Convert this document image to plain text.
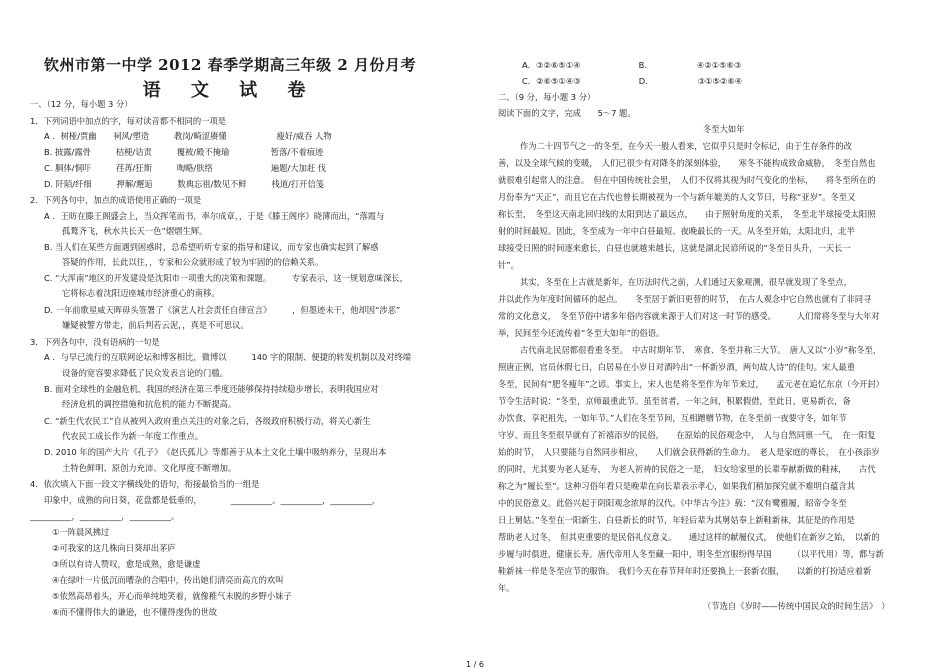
钦州市第一中学 2012 春季学期高三年级 2 月份月考
语 文 试 卷
一、（12 分，每小题 3 分）
1．下列词语中加点的字，每对读音都不相同的一项是
A ．树桠/贾幽　　祠风/塑造　　　教岗/畸涩赓懂　　　　　　瘦好/威吞 人物
B. 披露/露骨　　　桔梗/诘责　　　覆被/殿不掩瑜　　　　　暂落/不着痕迹
C. 胴体/恫吓　　　荏苒/狂斯　　　啕略/肤络　　　　　　　遍题/大加赶 伐
D. 阡陌/纤细　　　押解/邂逅　　　数典忘祖/数见不鲜　　　栈道/打开信笺
2．下列各句中，加点的成语使用正确的一项是
A ．王昉在滕王阁盛会上，当众挥笔而书，率尔成章，，于是《滕王阁序》晓薄而出，“落霞与
孤鹜齐飞，秋水共长天一色”熠熠生辉。
B. 当人们在某些方面遇到困惑时，总希望听听专家的指导和建议，而专家也确实起到了解惑
答疑的作用，长此以往，，专家和公众就形成了较为牢固的的信赖关系。
C. “大浑南”地区的开发建设是沈阳市一项重大的决策和课题。　　　专家表示，这一规划意味深长，
它将标志着沈阳迈座城市经济重心的南移。
D. 一年前歌星威天晖毋头签署了《演艺人社会责任自律宣言》　　　，但墨迹未干，他却因“涉恶”
嫌疑被警方带走，前后判若云泥，，真是不可思议。
3．下列各句中，没有语病的一句是
A ．与早已流行的互联网论坛和博客相比，微博以　　　140 字的限制、便捷的转发机制以及对终端
设备的宽容要求降低了民众发表言论的门槛。
B. 面对全球性的金融危机，我国的经济在第三季度还能够保持持续稳步增长，表明我国应对
经济危机的调控措施和抗危机的能力不断提高。
C. “新生代农民工”自从被列入政府重点关注的对象之后，各级政府积极行动，将关心新生
代农民工成长作为新一年度工作重点。
D. 2010 年的国产大片《孔子》　《赵氏孤儿》等都善于从本土文化土壤中吸纳养分，呈现出本
土特色鲜明、原创力充沛、文化厚度不断增加。
4．依次填入下面一段文字横线处的语句，衔接最恰当的一组是
印象中，成熟的向日葵，花盘都是低垂的，　　　　__________。__________，__________，
__________，__________，__________。
①一阵晨风拂过
②可我家的这几株向日葵却出茅庐
③所以有诗人赞叹，愈是成熟，愈是谦虚
④在绿叶一片低沉而嘈杂的合唱中，传出她们清亮而高亢的欢叫
⑤依然高昂着头，开心而单纯地笑着，就像稚气未脱的乡野小妹子
⑥而不懂得伟大的谦逊，也不懂得虔伪的世故
A．③②⑥⑤①④　　　　　　　B.　　　　　　④②①⑤⑥③
C．②⑥⑤①④③　　　　　　　D.　　　　　　③①⑤②⑥④
二、（9 分，每小题 3 分）
阅读下面的文字，完成　　5～7 题。
冬至大如年
作为二十四节气之一的冬至，在今天一般人看来，它似乎只是时令标记，由于生存条件的改
善，以及全球气候的变暖，　人们已很少有对降冬的深刻体验，　　寒冬不能构成致命威胁，　冬至自然也
就很难引起常人的注意。　但在中国传统社会里，　人们不仅将其视为时气变化的坐标，　　将冬至所在的
月份奉为“天正”，而且它在古代也曾长期被视为一个与新年媲美的人文节日，号称“亚岁”。冬至又
称长至，　冬至这天南北回归线的太阳到达了最远点，　　由于照射角度的关系，　冬至北半球接受太阳照
射的时间最短。因此，冬至成为一年中白昼最短、夜晚最长的一天。从冬至开始，太阳北归，北半
球接受日照的时间逐来愈长，白昼也就越来越长，这就是湖北民谚所说的“冬至日头升，一天长一
针”。
其实，冬至在上古就是新年，在历法时代之前，人们通过天象观测，很早就发现了冬至点，
并以此作为年度时间循环的起点。　　冬至居于新旧更替的时节，　在古人观念中它自然也就有了非同寻
常的文化意义，　冬至节俗中诸多年俗内容就来源于人们对这一时节的感受。　　　人们常将冬至与大年对
举，民间至今还流传着“冬至大如年”的俗语。
古代南北民居都很看重冬至。　中古时期年节、　寒食、冬至并称三大节。　唐人又以“小岁”称冬至，
照唐正例，官员休假七日，白居易在小岁日对酒吟出“一杯新岁酒，两句故人诗”的佳句。宋人最重
冬至，民间有“肥冬瘦年”之谚。事实上，宋人也是将冬至作为年节来过，　　孟元老在追忆东京（今开封）
节令生活时说：“冬至，京师最重此节。虽至贫者，一年之间，积累假借，至此日，更易新衣，备
办饮食，享祀祖先，一如年节。”人们在冬至节间，互相蹭赠节物，在冬至前一夜要守冬，如年节
守岁。而且冬至很早就有了祈禧添岁的民俗，　　在原始的民俗观念中，　人与自然同禀一气，　在一阳复
始的时节，　人只要能与自然同步相应，　　人们就会获得新的生命力。　老人是家庭的尊长，　在小孩添岁
的同时，尤其要为老人延寿，　为老人祈祷的民俗之一是，　妇女给家里的长辈奉献新做的鞋袜，　　古代
称之为“履长至”。这种习俗年看只是晚辈在向长辈表示孝心，如果我们稍加探究就不难明白蕴含其
中的民俗意义。此俗兴起于阴阳观念浓厚的汉代。《中华古今注》载：“汉有鹭雅履，昭帝令冬至
日上舅姑。”冬至在一阳新生、白昼新长的时节，年轻后辈为其舅姑奉上新鞋新袜，其征是的作用是
帮助老人过冬，　但其更重要的是民俗礼仪意义。　　通过这样的献履仪式，　使他们在新岁之始，　以新的
步履与时俱进，健康长寿。唐代帝用人冬至藏一阳中，明冬至宫服纷得早国　　　（以平代用）等，都与新
鞋新袜一样是冬至应节的服饰。　我们今天在春节拜年时还要换上一套新衣服，　　以新的打扮适应着新
年。
（节选自《岁时——传统中国民众的时间生活》　）
1 / 6
